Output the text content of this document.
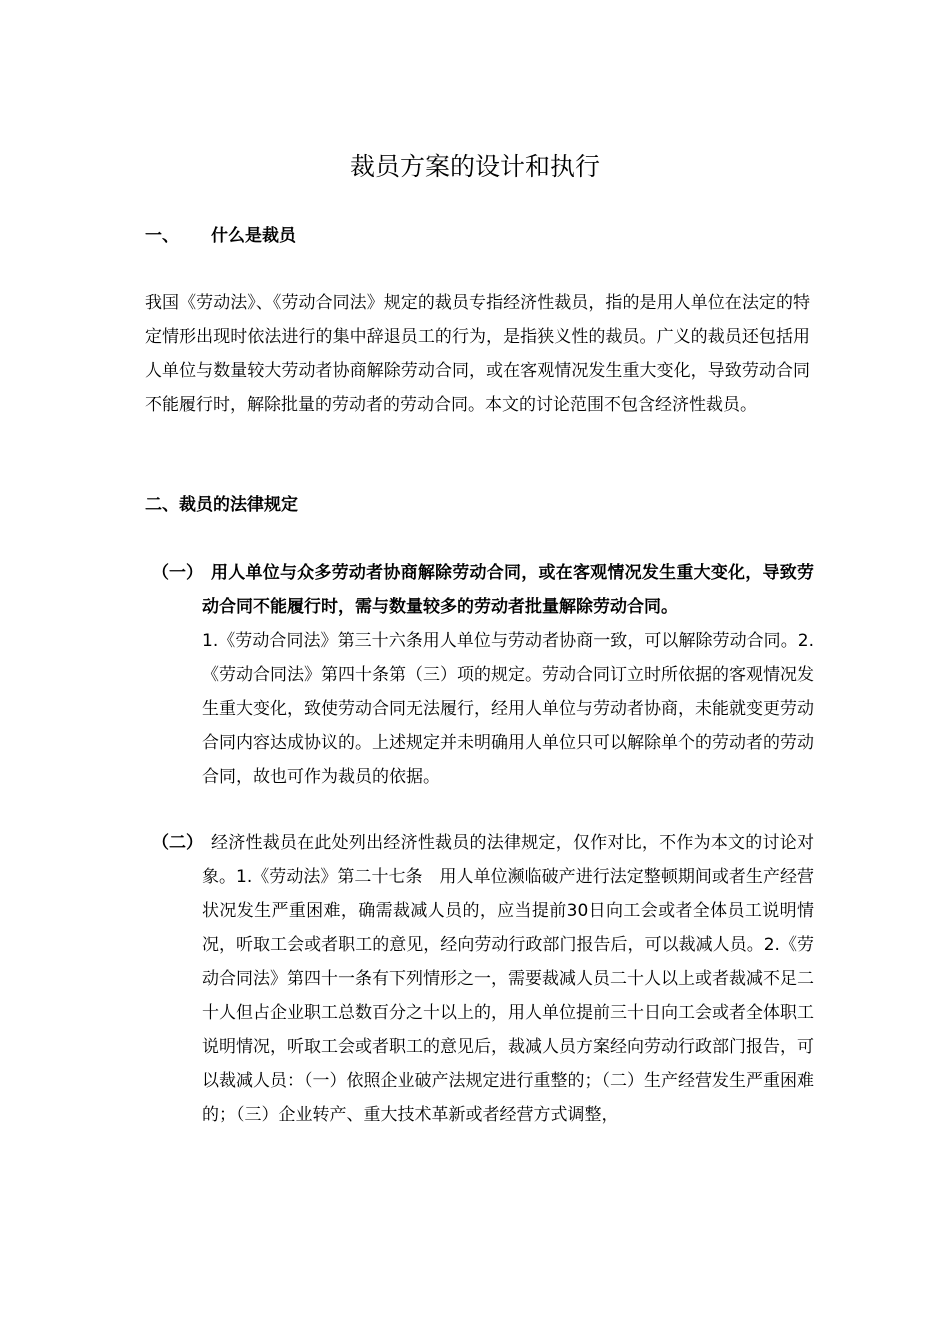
裁员方案的设计和执行
一、 什么是裁员

我国《劳动法》、《劳动合同法》规定的裁员专指经济性裁员，指的是用人单位在法定的特定情形出现时依法进行的集中辞退员工的行为，是指狭义性的裁员。广义的裁员还包括用人单位与数量较大劳动者协商解除劳动合同，或在客观情况发生重大变化，导致劳动合同不能履行时，解除批量的劳动者的劳动合同。本文的讨论范围不包含经济性裁员。

二、裁员的法律规定
（一） 用人单位与众多劳动者协商解除劳动合同，或在客观情况发生重大变化，导致劳动合同不能履行时，需与数量较多的劳动者批量解除劳动合同。
1.《劳动合同法》第三十六条用人单位与劳动者协商一致，可以解除劳动合同。2.《劳动合同法》第四十条第（三）项的规定。劳动合同订立时所依据的客观情况发生重大变化，致使劳动合同无法履行，经用人单位与劳动者协商，未能就变更劳动合同内容达成协议的。上述规定并未明确用人单位只可以解除单个的劳动者的劳动合同，故也可作为裁员的依据。
（二） 经济性裁员在此处列出经济性裁员的法律规定，仅作对比，不作为本文的讨论对象。1.《劳动法》第二十七条　用人单位濒临破产进行法定整顿期间或者生产经营状况发生严重困难，确需裁减人员的，应当提前30日向工会或者全体员工说明情况，听取工会或者职工的意见，经向劳动行政部门报告后，可以裁减人员。2.《劳动合同法》第四十一条有下列情形之一，需要裁减人员二十人以上或者裁减不足二十人但占企业职工总数百分之十以上的，用人单位提前三十日向工会或者全体职工说明情况，听取工会或者职工的意见后，裁减人员方案经向劳动行政部门报告，可以裁减人员：（一）依照企业破产法规定进行重整的；（二）生产经营发生严重困难的；（三）企业转产、重大技术革新或者经营方式调整，
